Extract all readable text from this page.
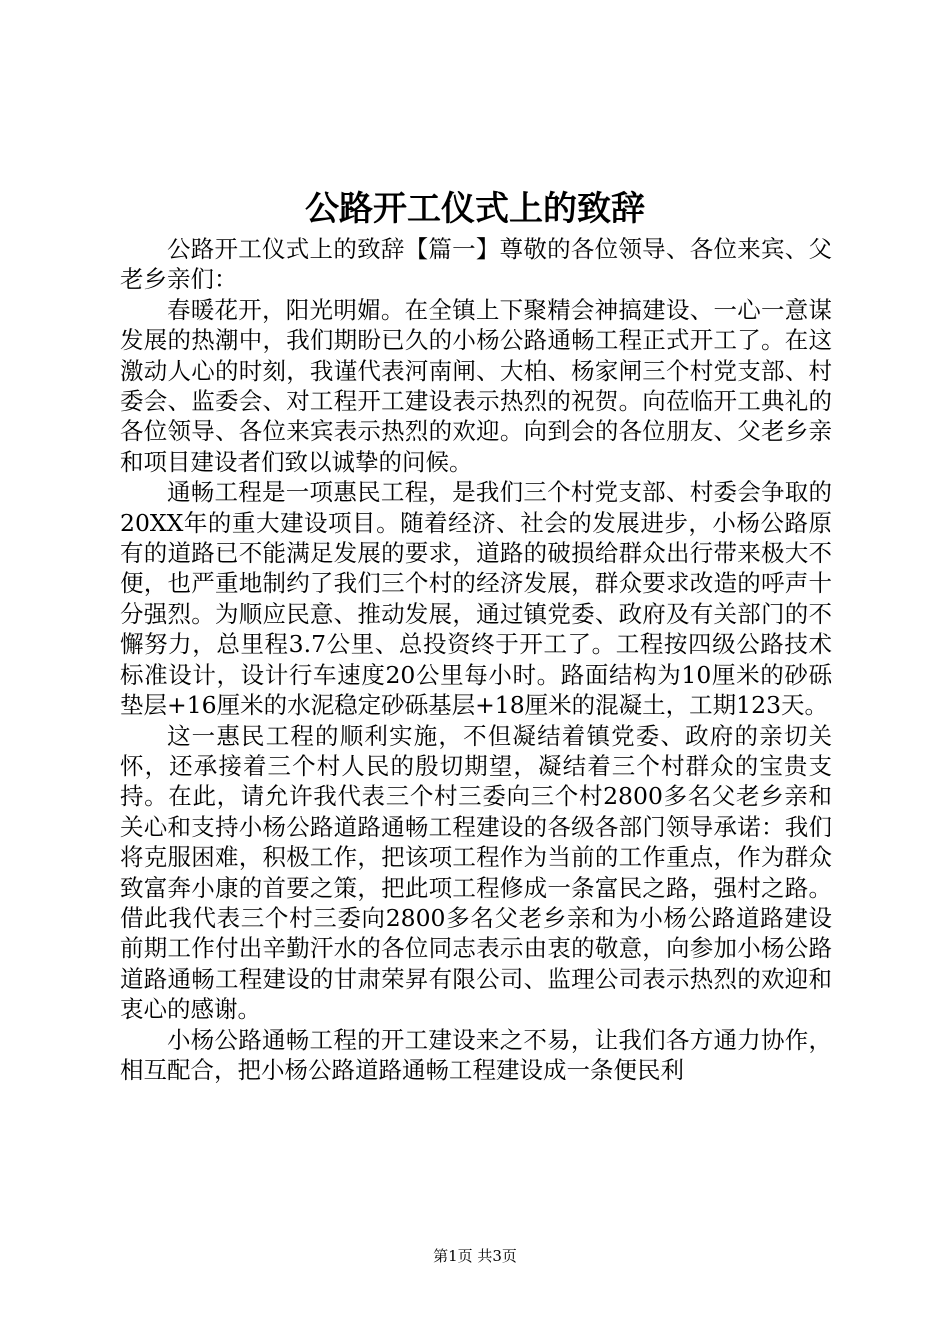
公路开工仪式上的致辞

公路开工仪式上的致辞【篇一】尊敬的各位领导、各位来宾、父老乡亲们：

春暖花开，阳光明媚。在全镇上下聚精会神搞建设、一心一意谋发展的热潮中，我们期盼已久的小杨公路通畅工程正式开工了。在这激动人心的时刻，我谨代表河南闸、大柏、杨家闸三个村党支部、村委会、监委会、对工程开工建设表示热烈的祝贺。向莅临开工典礼的各位领导、各位来宾表示热烈的欢迎。向到会的各位朋友、父老乡亲和项目建设者们致以诚挚的问候。

通畅工程是一项惠民工程，是我们三个村党支部、村委会争取的20XX年的重大建设项目。随着经济、社会的发展进步，小杨公路原有的道路已不能满足发展的要求，道路的破损给群众出行带来极大不便，也严重地制约了我们三个村的经济发展，群众要求改造的呼声十分强烈。为顺应民意、推动发展，通过镇党委、政府及有关部门的不懈努力，总里程3.7公里、总投资终于开工了。工程按四级公路技术标准设计，设计行车速度20公里每小时。路面结构为10厘米的砂砾垫层+16厘米的水泥稳定砂砾基层+18厘米的混凝土，工期123天。

这一惠民工程的顺利实施，不但凝结着镇党委、政府的亲切关怀，还承接着三个村人民的殷切期望，凝结着三个村群众的宝贵支持。在此，请允许我代表三个村三委向三个村2800多名父老乡亲和关心和支持小杨公路道路通畅工程建设的各级各部门领导承诺：我们将克服困难，积极工作，把该项工程作为当前的工作重点，作为群众致富奔小康的首要之策，把此项工程修成一条富民之路，强村之路。借此我代表三个村三委向2800多名父老乡亲和为小杨公路道路建设前期工作付出辛勤汗水的各位同志表示由衷的敬意，向参加小杨公路道路通畅工程建设的甘肃荣昇有限公司、监理公司表示热烈的欢迎和衷心的感谢。

小杨公路通畅工程的开工建设来之不易，让我们各方通力协作，相互配合，把小杨公路道路通畅工程建设成一条便民利

第1页 共3页
